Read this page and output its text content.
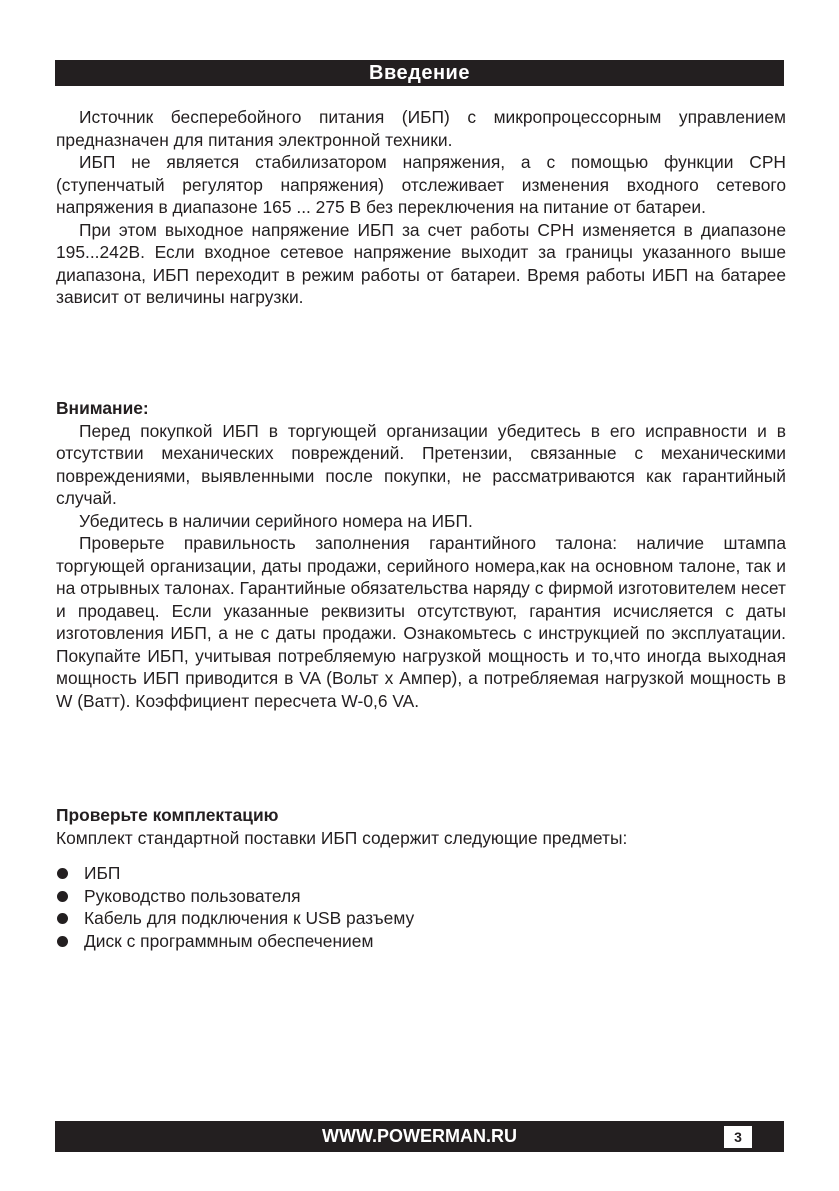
Введение

Источник бесперебойного питания (ИБП) с микропроцессорным управлением предназначен для питания электронной техники.

ИБП не является стабилизатором напряжения, а с помощью функции СРН (ступенчатый регулятор напряжения) отслеживает изменения входного сетевого напряжения в диапазоне 165 ... 275 В без переключения на питание от батареи.

При этом выходное напряжение ИБП за счет работы СРН изменяется в диапазоне 195...242В. Если входное сетевое напряжение выходит за границы указанного выше диапазона, ИБП переходит в режим работы от батареи. Время работы ИБП на батарее зависит от величины нагрузки.

Внимание:

Перед покупкой ИБП в торгующей организации убедитесь в его исправности и в отсутствии механических повреждений. Претензии, связанные с механическими повреждениями, выявленными после покупки, не рассматриваются как гарантийный случай.

Убедитесь в наличии серийного номера на ИБП.

Проверьте правильность заполнения гарантийного талона: наличие штампа торгующей организации, даты продажи, серийного номера,как на основном талоне, так и на отрывных талонах. Гарантийные обязательства наряду с фирмой изготовителем несет и продавец. Если указанные реквизиты отсутствуют, гарантия исчисляется с даты изготовления ИБП, а не с даты продажи. Ознакомьтесь с инструкцией по эксплуатации. Покупайте ИБП, учитывая потребляемую нагрузкой мощность и то,что иногда выходная мощность ИБП приводится в VA (Вольт х Ампер), а потребляемая нагрузкой мощность в W (Ватт). Коэффициент пересчета W-0,6 VA.

Проверьте комплектацию

Комплект стандартной поставки ИБП содержит следующие предметы:

ИБП
Руководство пользователя
Кабель для подключения к USB разъему
Диск с программным обеспечением
WWW.POWERMAN.RU	3
